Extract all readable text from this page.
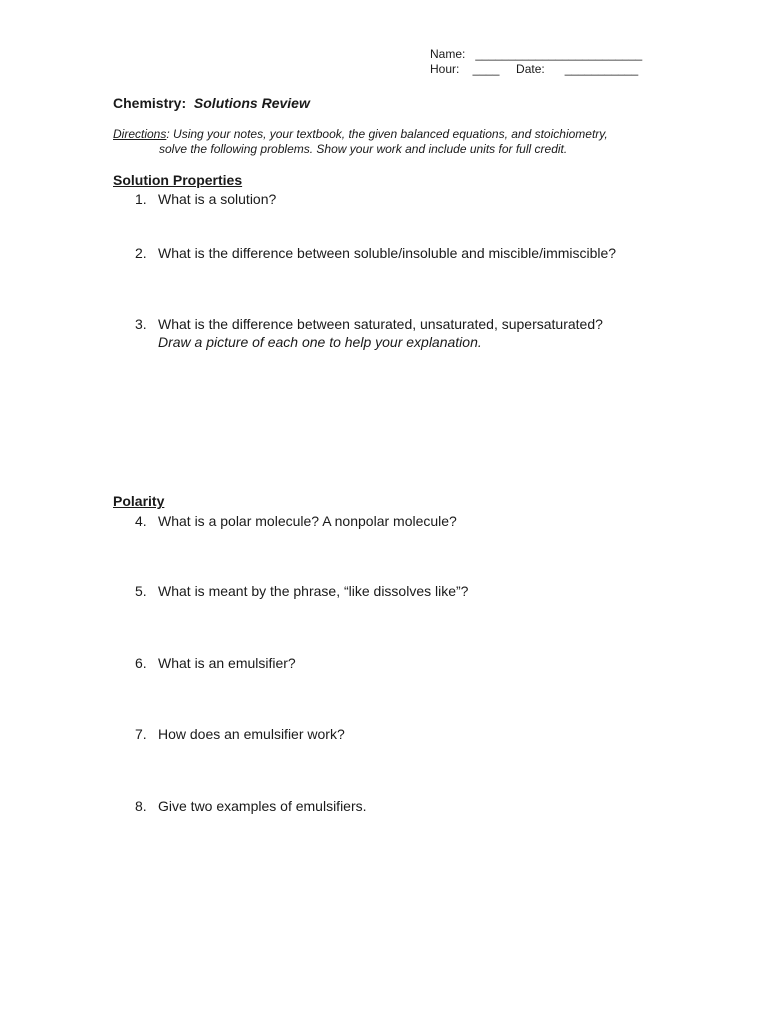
Name:   _________________________
Hour:    ____     Date:      ___________
Chemistry: Solutions Review
Directions: Using your notes, your textbook, the given balanced equations, and stoichiometry,
solve the following problems. Show your work and include units for full credit.
Solution Properties
1. What is a solution?
2. What is the difference between soluble/insoluble and miscible/immiscible?
3. What is the difference between saturated, unsaturated, supersaturated?
Draw a picture of each one to help your explanation.
Polarity
4. What is a polar molecule? A nonpolar molecule?
5. What is meant by the phrase, “like dissolves like”?
6. What is an emulsifier?
7. How does an emulsifier work?
8. Give two examples of emulsifiers.
